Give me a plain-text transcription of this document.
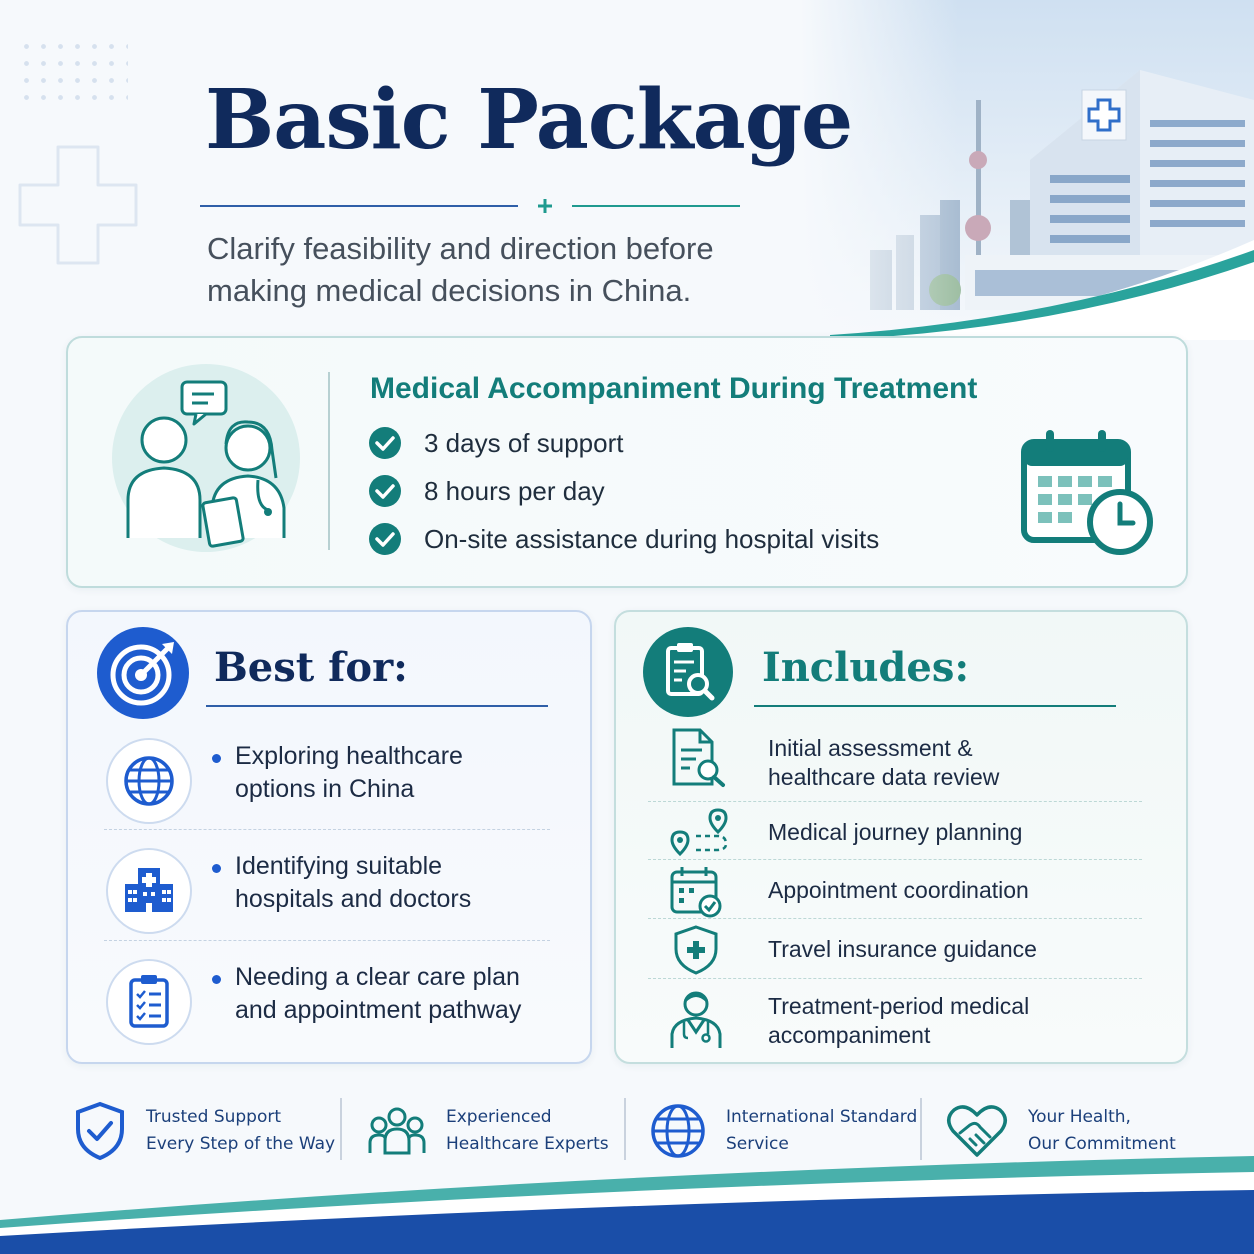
Basic Package

Clarify feasibility and direction before making medical decisions in China.

Medical Accompaniment During Treatment
3 days of support
8 hours per day
On-site assistance during hospital visits
Best for:
Exploring healthcare
options in China
Identifying suitable
hospitals and doctors
Needing a clear care plan
and appointment pathway
Includes:
Initial assessment &
healthcare data review
Medical journey planning
Appointment coordination
Travel insurance guidance
Treatment-period medical
accompaniment
Trusted Support
Every Step of the Way
Experienced
Healthcare Experts
International Standard
Service
Your Health,
Our Commitment
